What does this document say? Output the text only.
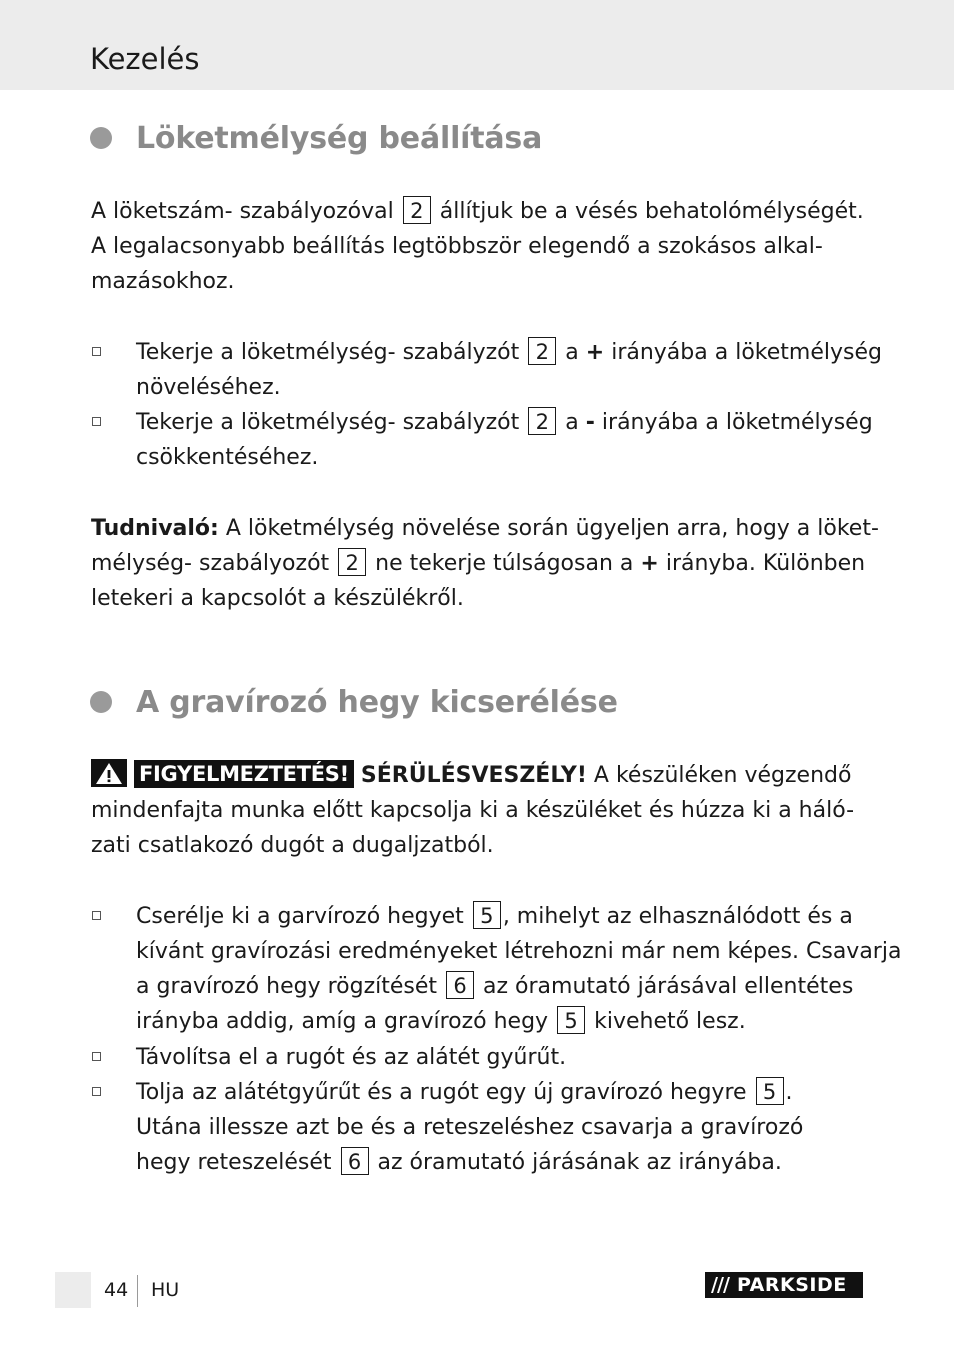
Kezelés
Löketmélység beállítása
A löketszám- szabályozóval 2 állítjuk be a vésés behatolómélységét.
A legalacsonyabb beállítás legtöbbször elegendő a szokásos alkal-
mazásokhoz.
Tekerje a löketmélység- szabályzót 2 a + irányába a löketmélység
növeléséhez.
Tekerje a löketmélység- szabályzót 2 a - irányába a löketmélység
csökkentéséhez.
Tudnivaló: A löketmélység növelése során ügyeljen arra, hogy a löket-
mélység- szabályozót 2 ne tekerje túlságosan a + irányba. Különben
letekeri a kapcsolót a készülékről.
A gravírozó hegy kicserélése
FIGYELMEZTETÉS! SÉRÜLÉSVESZÉLY! A készüléken végzendő
mindenfajta munka előtt kapcsolja ki a készüléket és húzza ki a háló-
zati csatlakozó dugót a dugaljzatból.
Cserélje ki a garvírozó hegyet 5 , mihelyt az elhasználódott és a
kívánt gravírozási eredményeket létrehozni már nem képes. Csavarja
a gravírozó hegy rögzítését 6 az óramutató járásával ellentétes
irányba addig, amíg a gravírozó hegy 5 kivehető lesz.
Távolítsa el a rugót és az alátét gyűrűt.
Tolja az alátétgyűrűt és a rugót egy új gravírozó hegyre 5 .
Utána illessze azt be és a reteszeléshez csavarja a gravírozó
hegy reteszelését 6 az óramutató járásának az irányába.
44 HU	PARKSIDE
